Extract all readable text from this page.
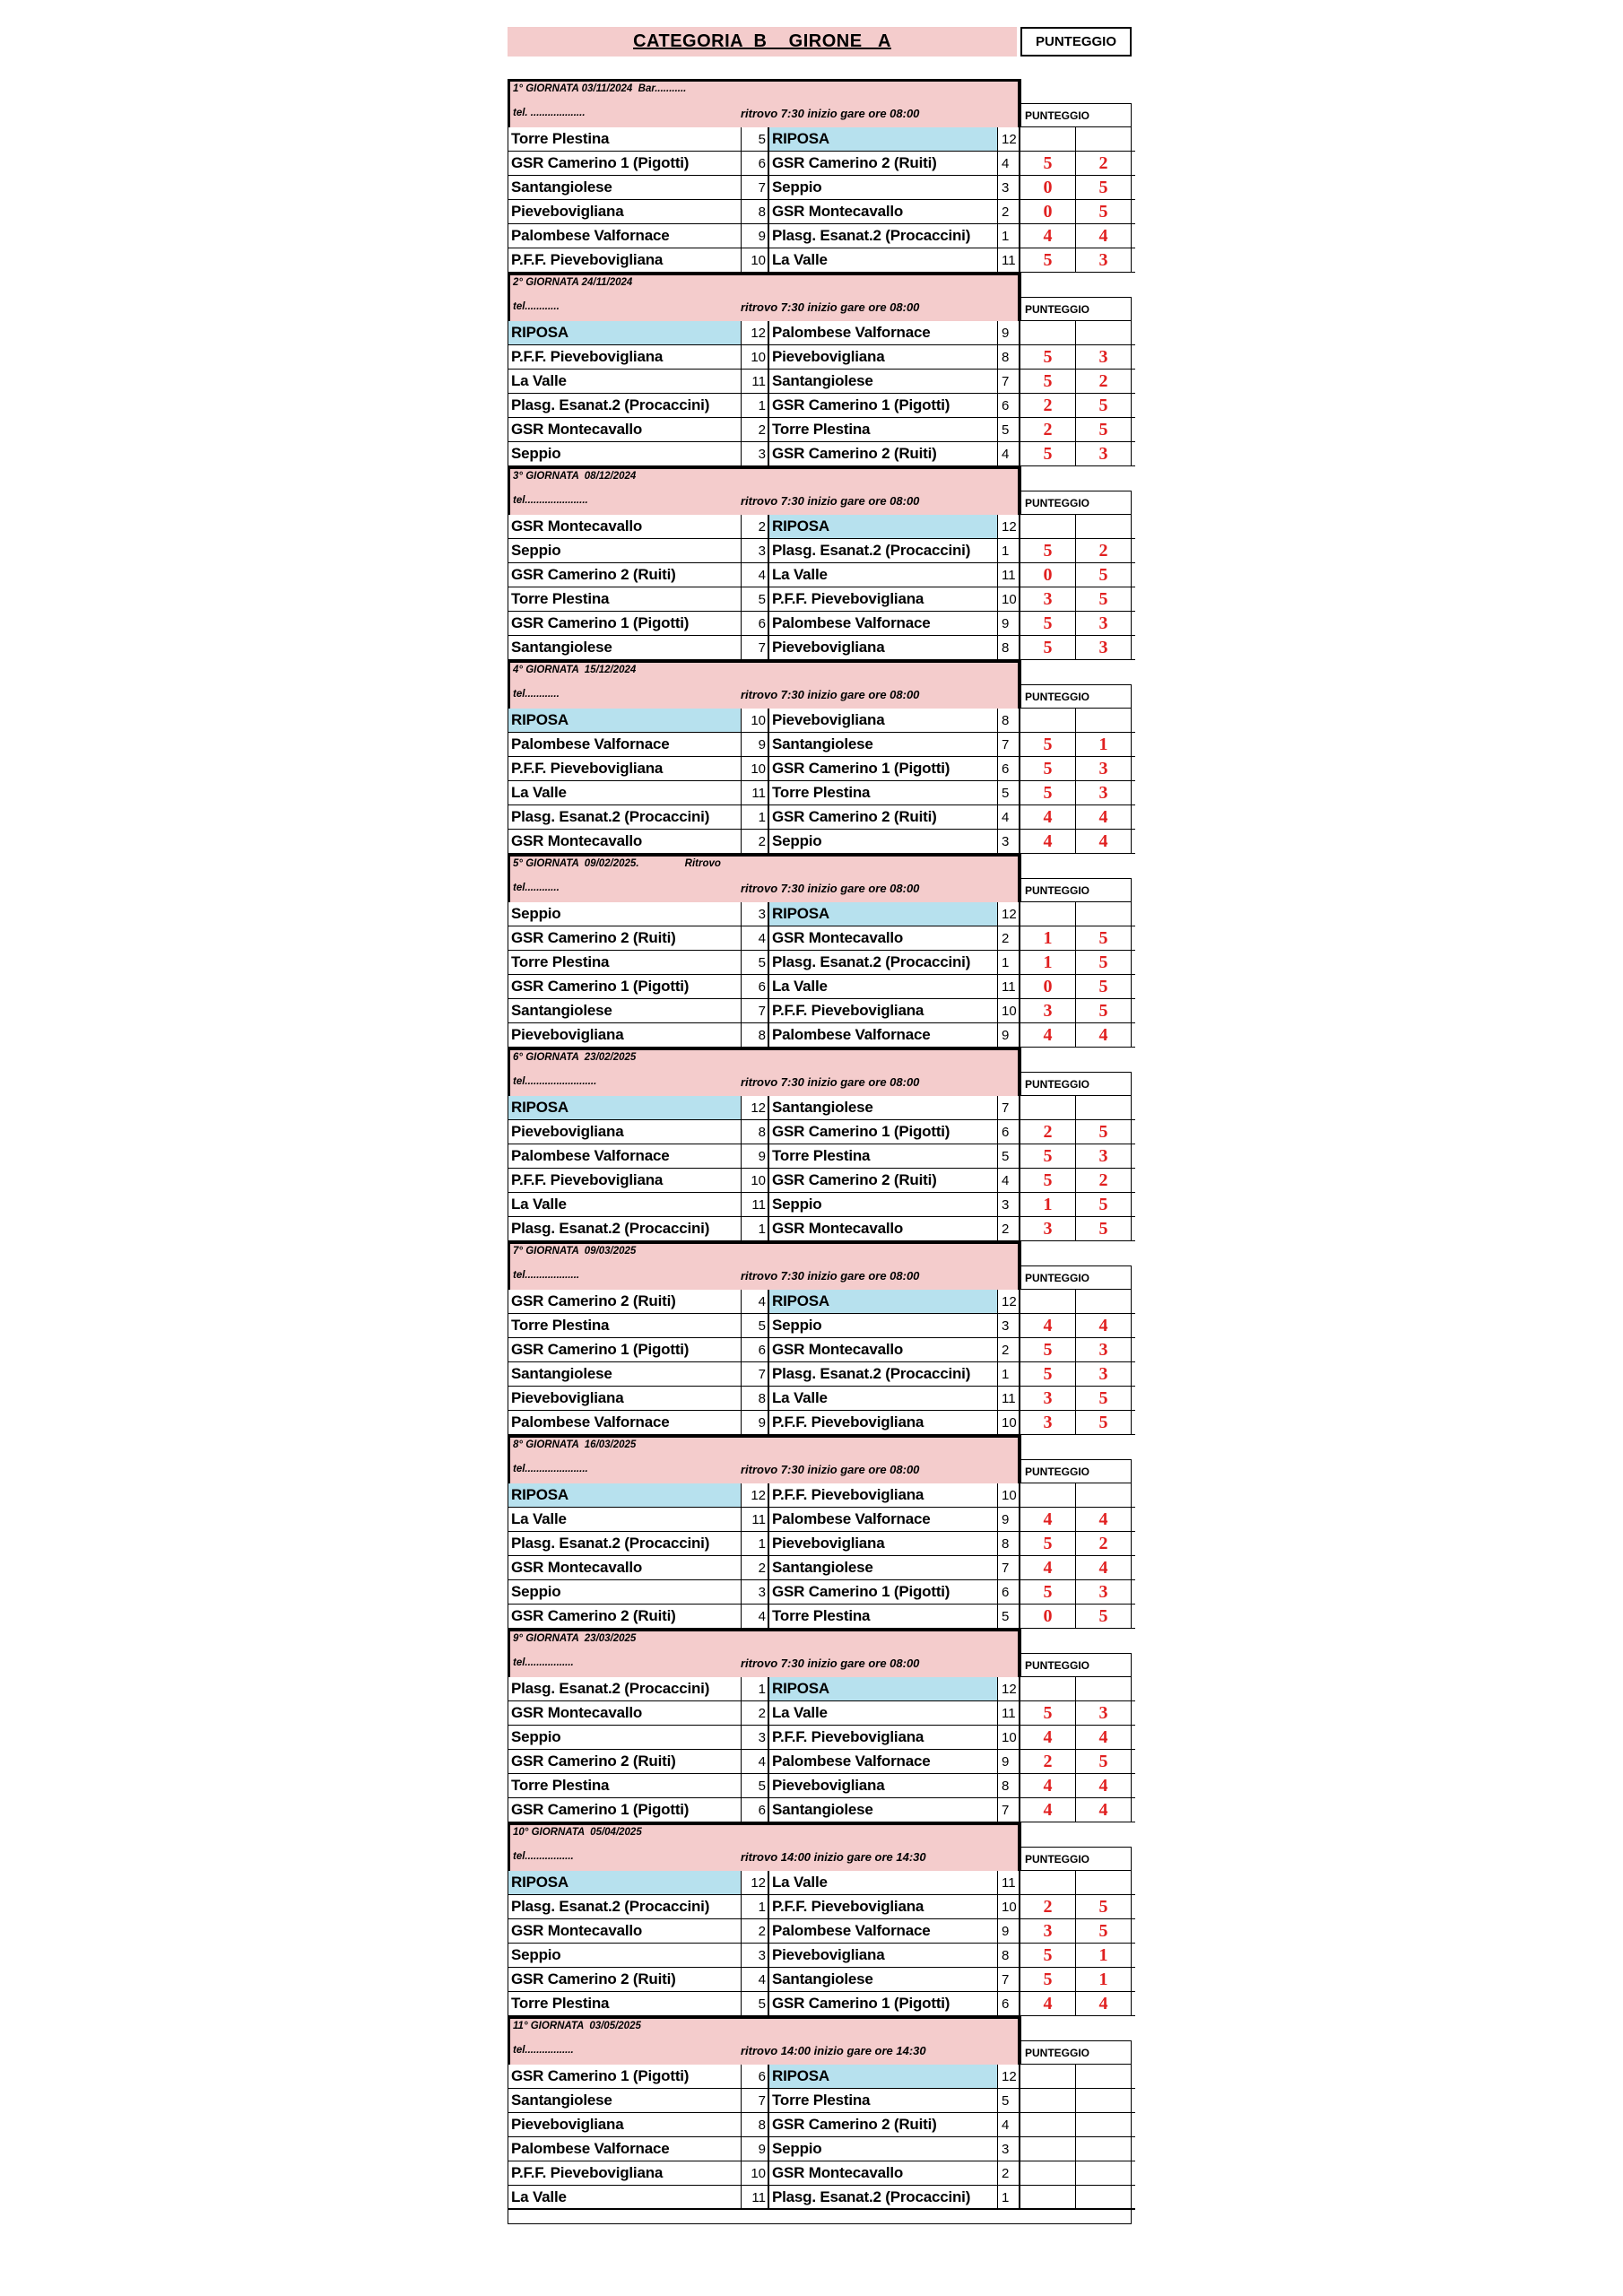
CATEGORIA  B    GIRONE   A	PUNTEGGIO
1° GIORNATA 03/11/2024  Bar...........
tel. ...................	ritrovo 7:30 inizio gare ore 08:00	PUNTEGGIO
Torre Plestina	5 RIPOSA	12
GSR Camerino 1 (Pigotti)	6 GSR Camerino 2 (Ruiti)	4	5	2
Santangiolese	7 Seppio	3	0	5
Pieveboviglianа	8 GSR Montecavallo	2	0	5
Palombese Valfornace	9 Plasg. Esanat.2 (Procaccini)	1	4	4
P.F.F. Pieveboviglianа	10 La Valle	11	5	3
2° GIORNATA 24/11/2024
tel............	ritrovo 7:30 inizio gare ore 08:00	PUNTEGGIO
RIPOSA	12 Palombese Valfornace	9
P.F.F. Pieveboviglianа	10 Pieveboviglianа	8	5	3
La Valle	11 Santangiolese	7	5	2
Plasg. Esanat.2 (Procaccini)	1 GSR Camerino 1 (Pigotti)	6	2	5
GSR Montecavallo	2 Torre Plestina	5	2	5
Seppio	3 GSR Camerino 2 (Ruiti)	4	5	3
3° GIORNATA  08/12/2024
tel......................	ritrovo 7:30 inizio gare ore 08:00	PUNTEGGIO
GSR Montecavallo	2 RIPOSA	12
Seppio	3 Plasg. Esanat.2 (Procaccini)	1	5	2
GSR Camerino 2 (Ruiti)	4 La Valle	11	0	5
Torre Plestina	5 P.F.F. Pieveboviglianа	10	3	5
GSR Camerino 1 (Pigotti)	6 Palombese Valfornace	9	5	3
Santangiolese	7 Pieveboviglianа	8	5	3
4° GIORNATA  15/12/2024
tel............	ritrovo 7:30 inizio gare ore 08:00	PUNTEGGIO
RIPOSA	10 Pieveboviglianа	8
Palombese Valfornace	9 Santangiolese	7	5	1
P.F.F. Pieveboviglianа	10 GSR Camerino 1 (Pigotti)	6	5	3
La Valle	11 Torre Plestina	5	5	3
Plasg. Esanat.2 (Procaccini)	1 GSR Camerino 2 (Ruiti)	4	4	4
GSR Montecavallo	2 Seppio	3	4	4
5° GIORNATA  09/02/2025.                Ritrovo
tel............	ritrovo 7:30 inizio gare ore 08:00	PUNTEGGIO
Seppio	3 RIPOSA	12
GSR Camerino 2 (Ruiti)	4 GSR Montecavallo	2	1	5
Torre Plestina	5 Plasg. Esanat.2 (Procaccini)	1	1	5
GSR Camerino 1 (Pigotti)	6 La Valle	11	0	5
Santangiolese	7 P.F.F. Pieveboviglianа	10	3	5
Pieveboviglianа	8 Palombese Valfornace	9	4	4
6° GIORNATA  23/02/2025
tel.........................	ritrovo 7:30 inizio gare ore 08:00	PUNTEGGIO
RIPOSA	12 Santangiolese	7
Pieveboviglianа	8 GSR Camerino 1 (Pigotti)	6	2	5
Palombese Valfornace	9 Torre Plestina	5	5	3
P.F.F. Pieveboviglianа	10 GSR Camerino 2 (Ruiti)	4	5	2
La Valle	11 Seppio	3	1	5
Plasg. Esanat.2 (Procaccini)	1 GSR Montecavallo	2	3	5
7° GIORNATA  09/03/2025
tel...................	ritrovo 7:30 inizio gare ore 08:00	PUNTEGGIO
GSR Camerino 2 (Ruiti)	4 RIPOSA	12
Torre Plestina	5 Seppio	3	4	4
GSR Camerino 1 (Pigotti)	6 GSR Montecavallo	2	5	3
Santangiolese	7 Plasg. Esanat.2 (Procaccini)	1	5	3
Pieveboviglianа	8 La Valle	11	3	5
Palombese Valfornace	9 P.F.F. Pieveboviglianа	10	3	5
8° GIORNATA  16/03/2025
tel......................	ritrovo 7:30 inizio gare ore 08:00	PUNTEGGIO
RIPOSA	12 P.F.F. Pieveboviglianа	10
La Valle	11 Palombese Valfornace	9	4	4
Plasg. Esanat.2 (Procaccini)	1 Pieveboviglianа	8	5	2
GSR Montecavallo	2 Santangiolese	7	4	4
Seppio	3 GSR Camerino 1 (Pigotti)	6	5	3
GSR Camerino 2 (Ruiti)	4 Torre Plestina	5	0	5
9° GIORNATA  23/03/2025
tel.................	ritrovo 7:30 inizio gare ore 08:00	PUNTEGGIO
Plasg. Esanat.2 (Procaccini)	1 RIPOSA	12
GSR Montecavallo	2 La Valle	11	5	3
Seppio	3 P.F.F. Pieveboviglianа	10	4	4
GSR Camerino 2 (Ruiti)	4 Palombese Valfornace	9	2	5
Torre Plestina	5 Pieveboviglianа	8	4	4
GSR Camerino 1 (Pigotti)	6 Santangiolese	7	4	4
10° GIORNATA  05/04/2025
tel.................	ritrovo 14:00 inizio gare ore 14:30	PUNTEGGIO
RIPOSA	12 La Valle	11
Plasg. Esanat.2 (Procaccini)	1 P.F.F. Pieveboviglianа	10	2	5
GSR Montecavallo	2 Palombese Valfornace	9	3	5
Seppio	3 Pieveboviglianа	8	5	1
GSR Camerino 2 (Ruiti)	4 Santangiolese	7	5	1
Torre Plestina	5 GSR Camerino 1 (Pigotti)	6	4	4
11° GIORNATA  03/05/2025
tel.................	ritrovo 14:00 inizio gare ore 14:30	PUNTEGGIO
GSR Camerino 1 (Pigotti)	6 RIPOSA	12
Santangiolese	7 Torre Plestina	5
Pieveboviglianа	8 GSR Camerino 2 (Ruiti)	4
Palombese Valfornace	9 Seppio	3
P.F.F. Pieveboviglianа	10 GSR Montecavallo	2
La Valle	11 Plasg. Esanat.2 (Procaccini)	1
